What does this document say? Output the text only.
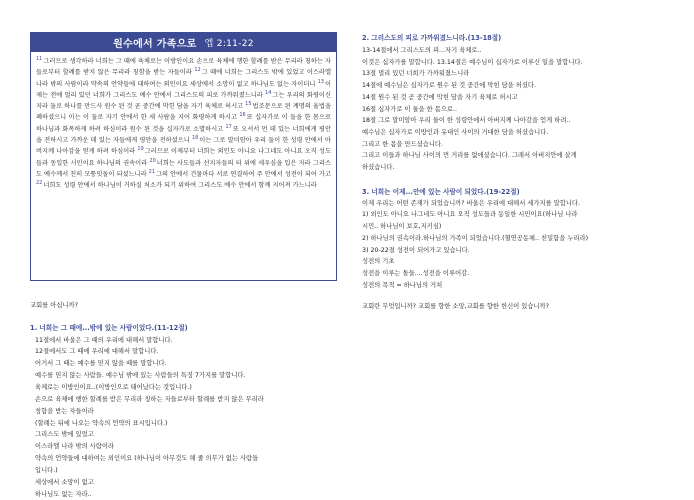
원수에서 가족으로 엡 2:11-22
$^{11}$그러므로 생각하라 너희는 그 때에 육체로는 이방인이요 손으로 육체에 행한 할례를 받은 무리라 칭하는 자들로부터 할례를 받지 않은 무리라 칭함을 받는 자들이라 $^{12}$그 때에 너희는 그리스도 밖에 있었고 이스라엘 나라 밖의 사람이라 약속의 언약들에 대하여는 외인이요 세상에서 소망이 없고 하나님도 없는 자이더니 $^{13}$이제는 전에 멀리 있던 너희가 그리스도 예수 안에서 그리스도의 피로 가까워졌느니라 $^{14}$그는 우리의 화평이신지라 둘로 하나를 만드사 원수 된 것 곧 중간에 막힌 담을 자기 육체로 허시고 $^{15}$법조문으로 된 계명의 율법을 폐하셨으니 이는 이 둘로 자기 안에서 한 새 사람을 지어 화평하게 하시고 $^{16}$또 십자가로 이 둘을 한 몸으로 하나님과 화목하게 하려 하심이라 원수 된 것을 십자가로 소멸하시고 $^{17}$또 오셔서 먼 데 있는 너희에게 평안을 전하시고 가까운 데 있는 자들에게 평안을 전하셨으니 $^{18}$이는 그로 말미암아 우리 둘이 한 성령 안에서 아버지께 나아감을 얻게 하려 하심이라 $^{19}$그러므로 이제부터 너희는 외인도 아니요 나그네도 아니요 오직 성도들과 동일한 시민이요 하나님의 권속이라 $^{20}$너희는 사도들과 선지자들의 터 위에 세우심을 입은 자라 그리스도 예수께서 친히 모퉁잇돌이 되셨느니라 $^{21}$그의 안에서 건물마다 서로 연결하여 주 안에서 성전이 되어 가고 $^{22}$너희도 성령 안에서 하나님이 거하실 처소가 되기 위하여 그리스도 예수 안에서 함께 지어져 가느니라
교회를 아십니까?
1. 너희는 그 때에...밖에 있는 사람이었다.(11-12절)
11절에서 바울은 그 때의 우리에 대해서 말합니다.
12절에서도 그 때에 우리에 대해서 말합니다.
어거서 그 때는 예수를 믿지 않을 때를 말합니다.
예수를 믿지 않는 사람들. 예수님 밖에 있는 사람들의 특징 7가지를 말합니다.
육체로는 이방인이요..(이방인으로 태어났다는 것입니다.)
손으로 육체에 행한 할례를 받은 무리라 칭하는 자들로부터 할례를 받지 않은 무리라
칭함을 받는 자들이라
(할례는 뒤에 나오는 약속의 언약의 표시입니다.)
그리스도 밖에 있었고
이스라엘 나라 밖의 사람이라
약속의 언약들에 대하여는 외인이요 (하나님이 아무것도 해 줄 의무가 없는 사람들
입니다.)
세상에서 소망이 없고
하나님도 없는 자라..
2. 그리스도의 피로 가까워졌느니라.(13-18절)
13-14절에서 그리스도의 피...자기 육체로..
이것은 십자가를 말합니다. 13.14절은 예수님이 십자가로 이루신 일을 말합니다.
13절 멀리 있던 너희가 가까워졌느니라
14절에 예수님은 십자가로 원수 된 것 중간에 막힌 담을 허셨다.
14절 원수 된 것 곧 중간에 막힌 담을 자기 육체로 허시고
16절 십자가로 이 둘을 한 몸으로..
18절 그로 말미암아 우리 둘이 한 성령안에서 아버지께 나아감을 얻게 하려..
예수님은 십자가로 이방인과 유대인 사이의 거대한 담을 허셨습니다.
그리고 한 몸을 만드셨습니다.
그리고 이들과 하나님 사이의 먼 거리를 없애셨습니다. 그래서 아버지안에 살게
하셨습니다.
3. 너희는 이제...안에 있는 사람이 되었다.(19-22절)
이제 우리는 어떤 존재가 되었습니까? 바울은 우리에 대해서 세가지를 말합니다.
1) 외인도 아니요 나그네도 아니요 오직 성도들과 동일한 시민이요(하나님 나라
시민.. 하나님이 보호,지키심)
2) 하나님의 권속이라.하나님의 가족이 되었습니다.(혈연공동체.. 친밀함을 누리라)
3) 20-22절 성전이 되어가고 있습니다.
성전의 기초
성전을 이루는 돌들....성전을 이루어감.
성전의 목적 = 하나님의 거처
교회란 무엇입니까? 교회를 향한 소망,교회를 향한 헌신이 있습니까?
